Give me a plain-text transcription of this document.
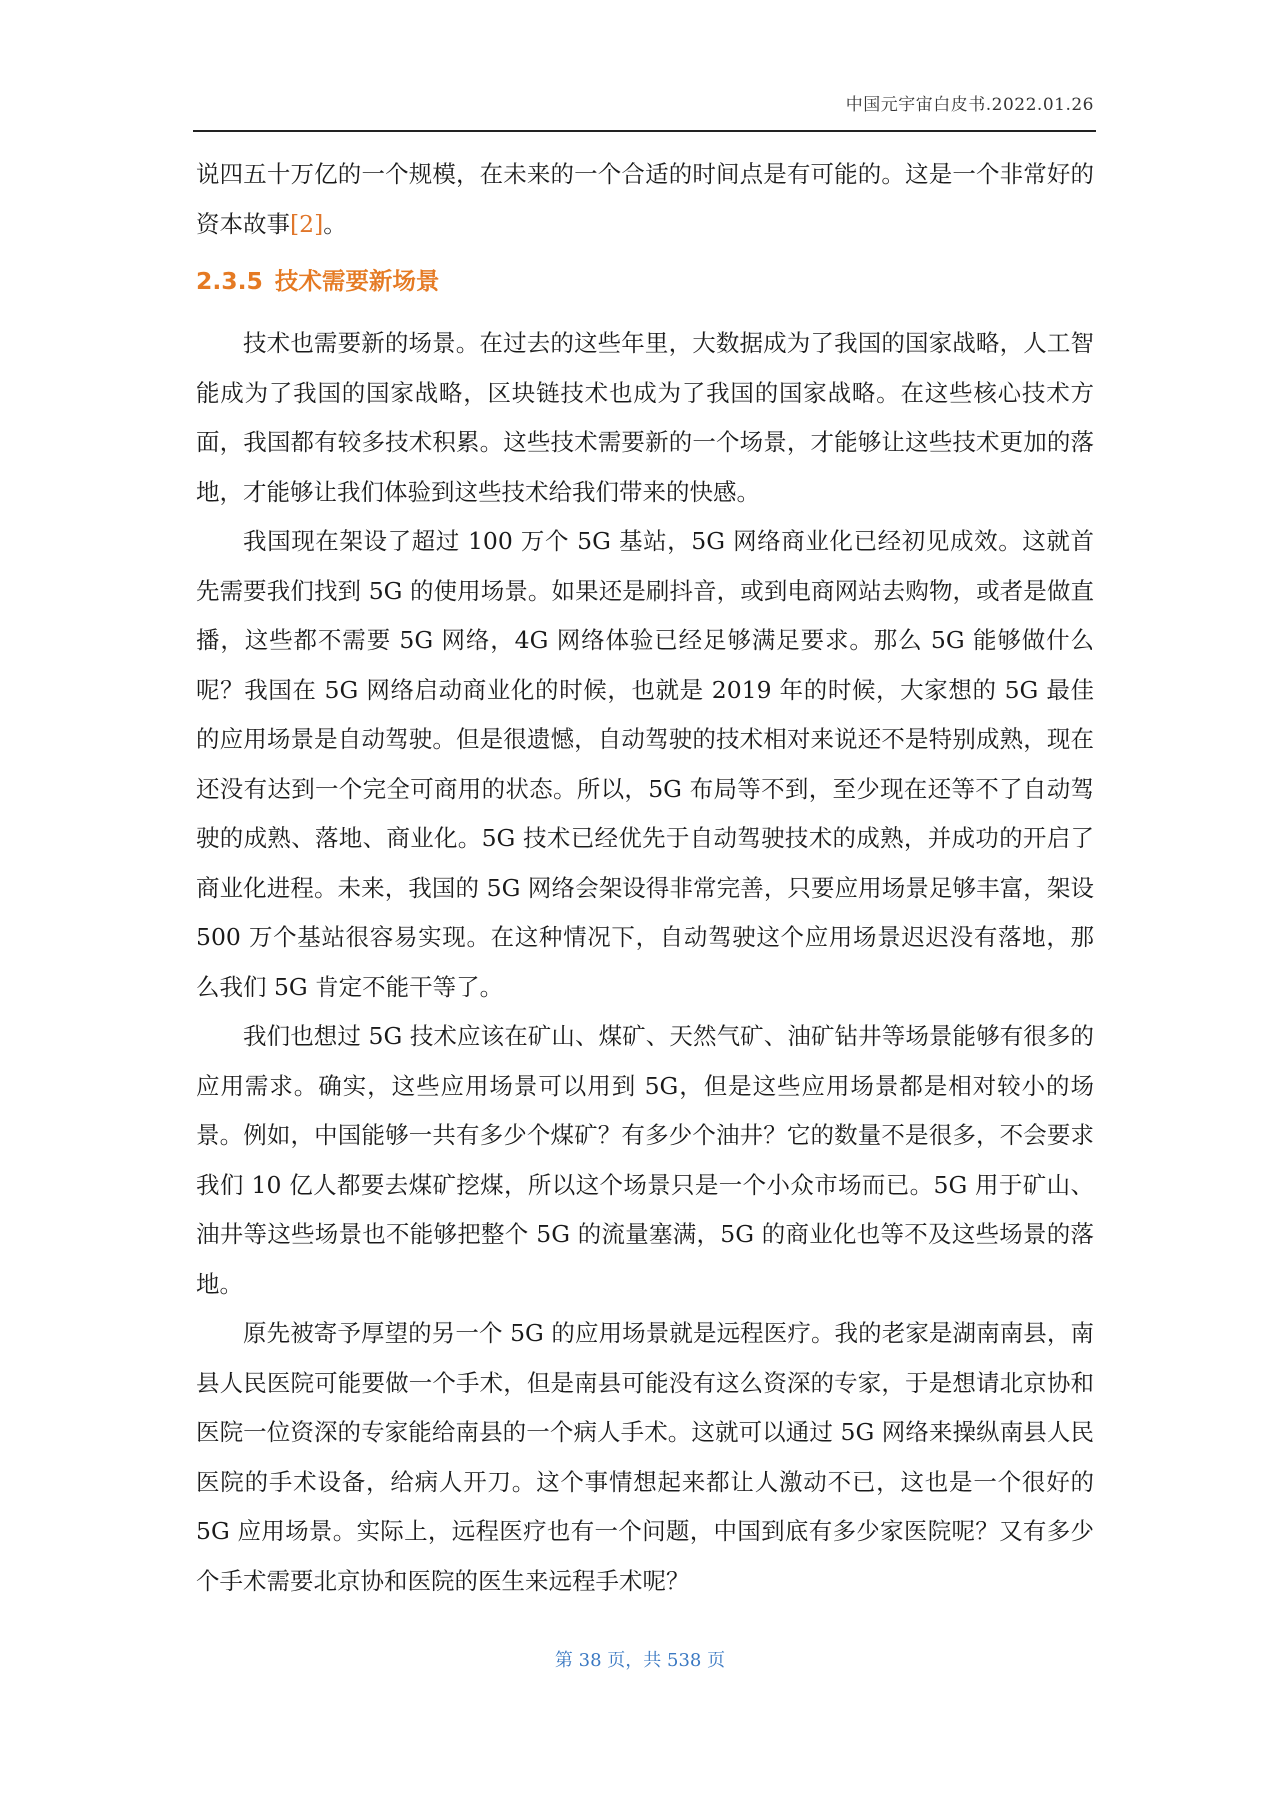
中国元宇宙白皮书.2022.01.26

说四五十万亿的一个规模，在未来的一个合适的时间点是有可能的。这是一个非常好的资本故事[2]。

2.3.5 技术需要新场景

技术也需要新的场景。在过去的这些年里，大数据成为了我国的国家战略，人工智能成为了我国的国家战略，区块链技术也成为了我国的国家战略。在这些核心技术方面，我国都有较多技术积累。这些技术需要新的一个场景，才能够让这些技术更加的落地，才能够让我们体验到这些技术给我们带来的快感。

我国现在架设了超过 100 万个 5G 基站，5G 网络商业化已经初见成效。这就首先需要我们找到 5G 的使用场景。如果还是刷抖音，或到电商网站去购物，或者是做直播，这些都不需要 5G 网络，4G 网络体验已经足够满足要求。那么 5G 能够做什么呢？我国在 5G 网络启动商业化的时候，也就是 2019 年的时候，大家想的 5G 最佳的应用场景是自动驾驶。但是很遗憾，自动驾驶的技术相对来说还不是特别成熟，现在还没有达到一个完全可商用的状态。所以，5G 布局等不到，至少现在还等不了自动驾驶的成熟、落地、商业化。5G 技术已经优先于自动驾驶技术的成熟，并成功的开启了商业化进程。未来，我国的 5G 网络会架设得非常完善，只要应用场景足够丰富，架设 500 万个基站很容易实现。在这种情况下，自动驾驶这个应用场景迟迟没有落地，那么我们 5G 肯定不能干等了。

我们也想过 5G 技术应该在矿山、煤矿、天然气矿、油矿钻井等场景能够有很多的应用需求。确实，这些应用场景可以用到 5G，但是这些应用场景都是相对较小的场景。例如，中国能够一共有多少个煤矿？有多少个油井？它的数量不是很多，不会要求我们 10 亿人都要去煤矿挖煤，所以这个场景只是一个小众市场而已。5G 用于矿山、油井等这些场景也不能够把整个 5G 的流量塞满，5G 的商业化也等不及这些场景的落地。

原先被寄予厚望的另一个 5G 的应用场景就是远程医疗。我的老家是湖南南县，南县人民医院可能要做一个手术，但是南县可能没有这么资深的专家，于是想请北京协和医院一位资深的专家能给南县的一个病人手术。这就可以通过 5G 网络来操纵南县人民医院的手术设备，给病人开刀。这个事情想起来都让人激动不已，这也是一个很好的 5G 应用场景。实际上，远程医疗也有一个问题，中国到底有多少家医院呢？又有多少个手术需要北京协和医院的医生来远程手术呢？

第 38 页，共 538 页
